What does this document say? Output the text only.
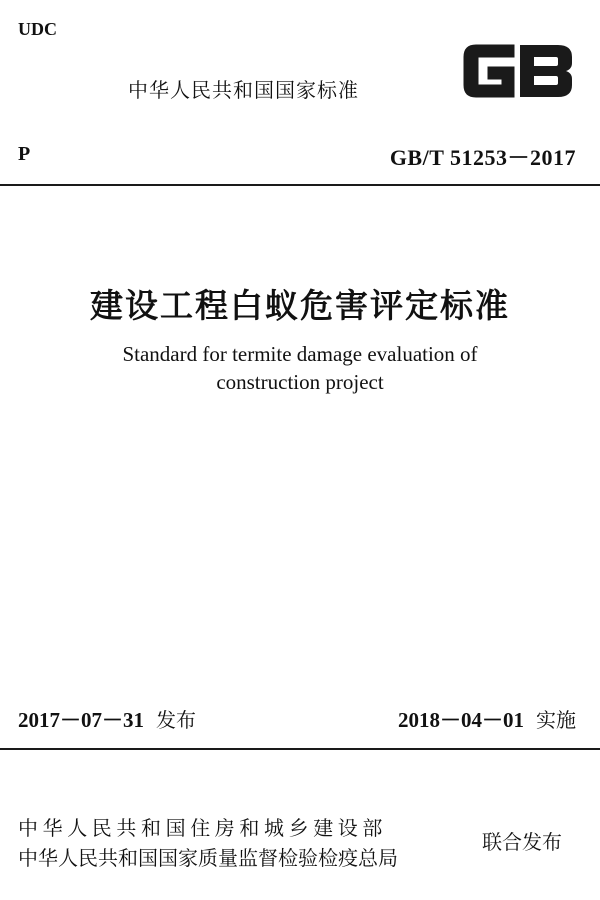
UDC
中华人民共和国国家标准
P	GB/T 51253－2017
建设工程白蚁危害评定标准
Standard for termite damage evaluation of
construction project
2017－07－31 发布	2018－04－01 实施
中华人民共和国住房和城乡建设部
中华人民共和国国家质量监督检验检疫总局
联合发布
